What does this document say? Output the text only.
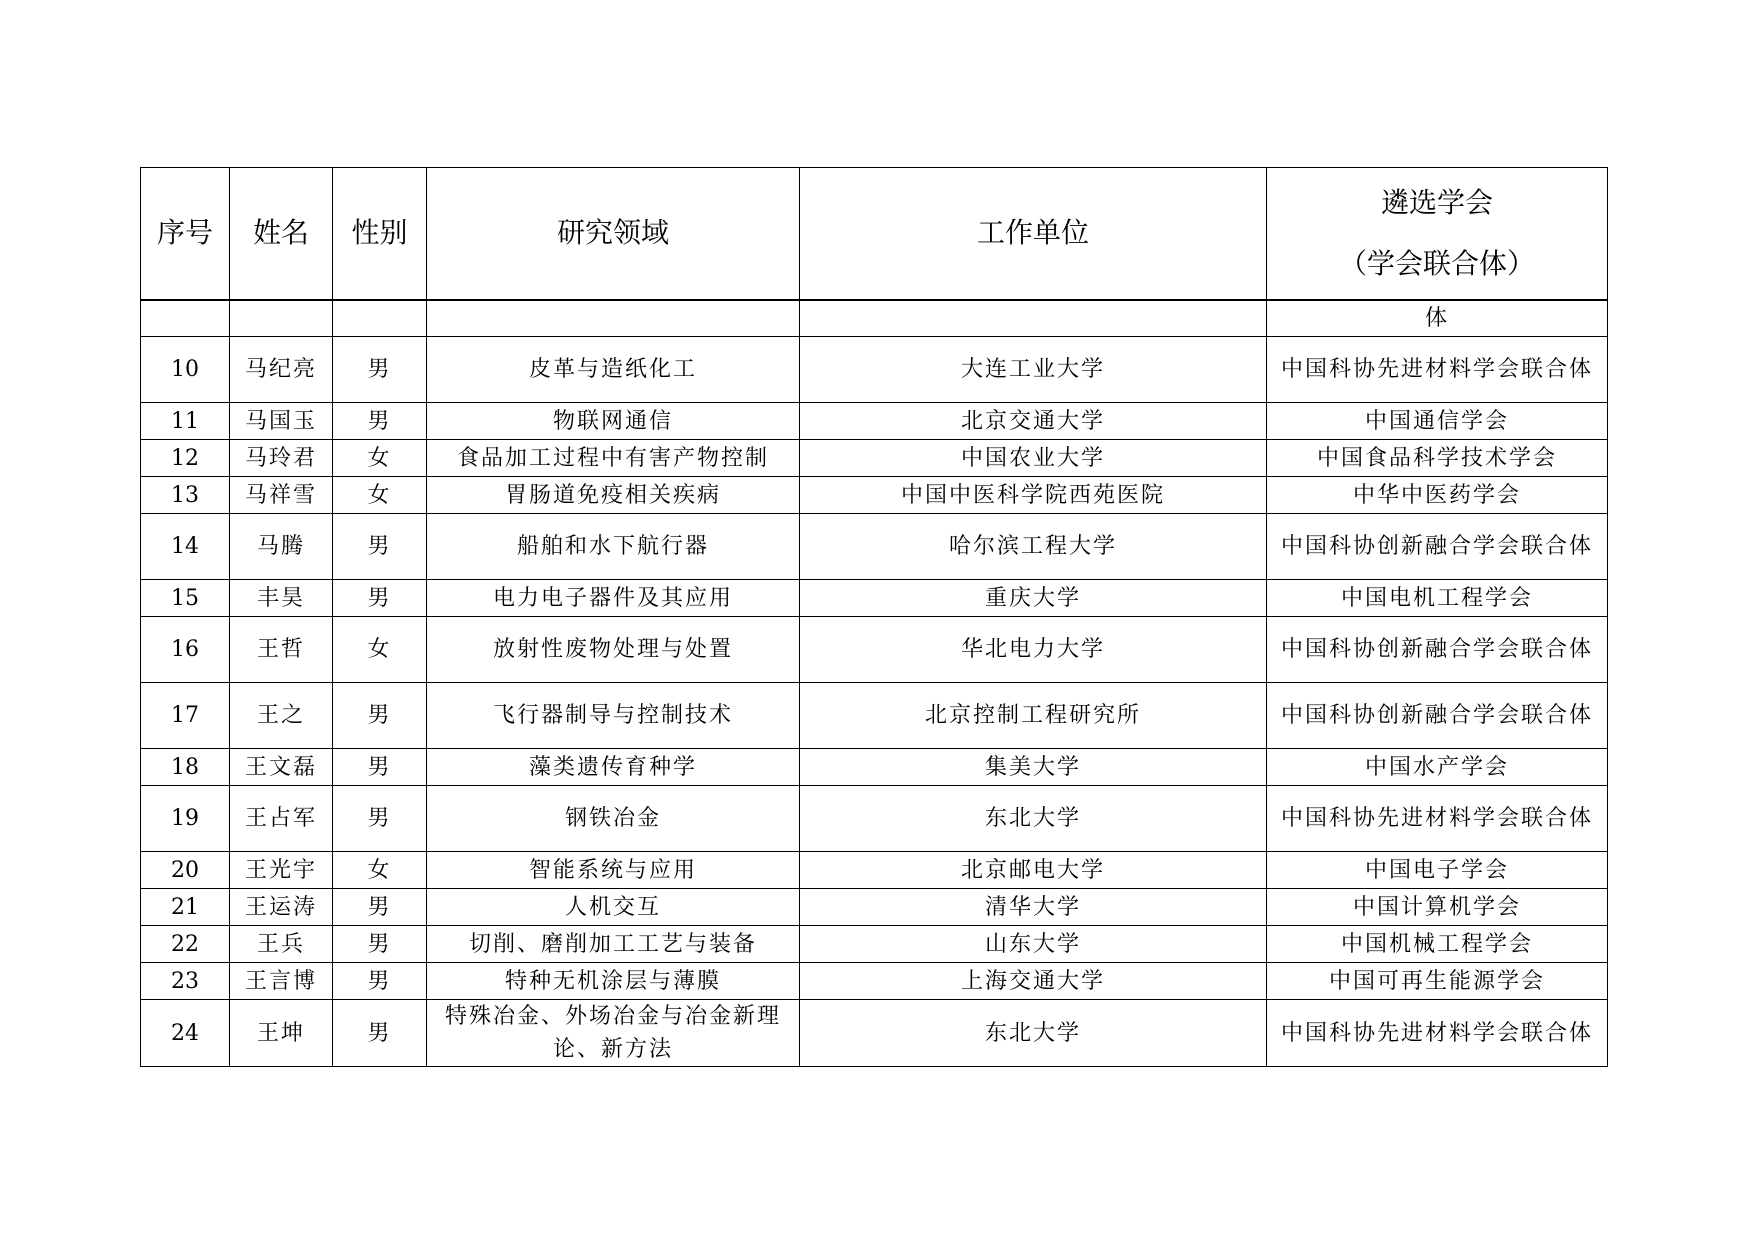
序号	姓名	性别	研究领域	工作单位	遴选学会
（学会联合体）

					体
10	马纪亮	男	皮革与造纸化工	大连工业大学	中国科协先进材料学会联合体
11	马国玉	男	物联网通信	北京交通大学	中国通信学会
12	马玲君	女	食品加工过程中有害产物控制	中国农业大学	中国食品科学技术学会
13	马祥雪	女	胃肠道免疫相关疾病	中国中医科学院西苑医院	中华中医药学会
14	马腾	男	船舶和水下航行器	哈尔滨工程大学	中国科协创新融合学会联合体
15	丰昊	男	电力电子器件及其应用	重庆大学	中国电机工程学会
16	王哲	女	放射性废物处理与处置	华北电力大学	中国科协创新融合学会联合体
17	王之	男	飞行器制导与控制技术	北京控制工程研究所	中国科协创新融合学会联合体
18	王文磊	男	藻类遗传育种学	集美大学	中国水产学会
19	王占军	男	钢铁冶金	东北大学	中国科协先进材料学会联合体
20	王光宇	女	智能系统与应用	北京邮电大学	中国电子学会
21	王运涛	男	人机交互	清华大学	中国计算机学会
22	王兵	男	切削、磨削加工工艺与装备	山东大学	中国机械工程学会
23	王言博	男	特种无机涂层与薄膜	上海交通大学	中国可再生能源学会
24	王坤	男	特殊冶金、外场冶金与冶金新理论、新方法	东北大学	中国科协先进材料学会联合体
